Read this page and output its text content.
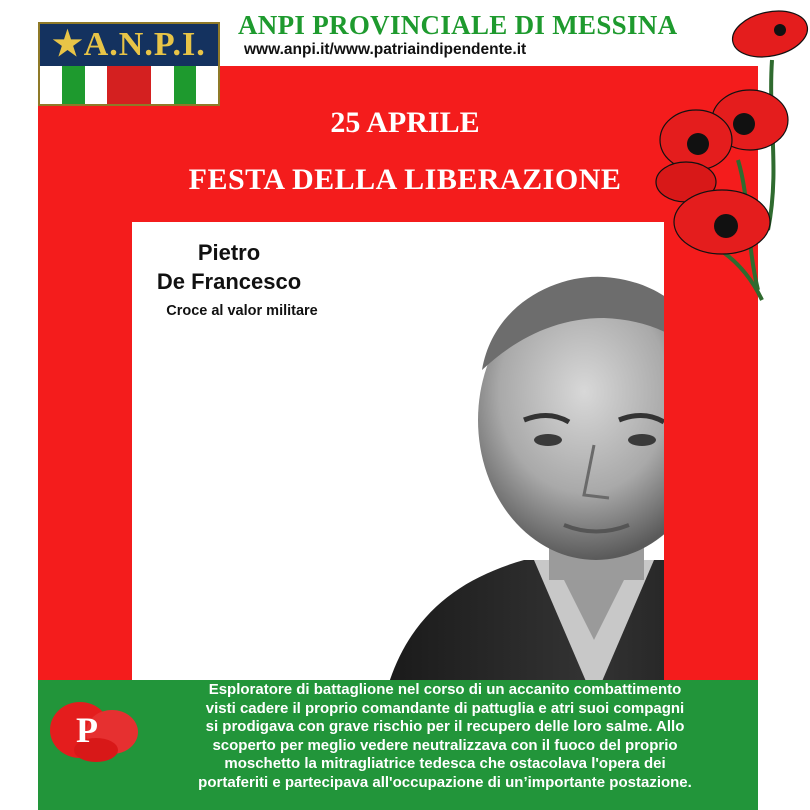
★A.N.P.I.
ANPI PROVINCIALE DI MESSINA
www.anpi.it/www.patriaindipendente.it
25 APRILE
FESTA DELLA LIBERAZIONE
Pietro
De Francesco
Croce al valor militare
P
Esploratore di battaglione nel corso di un accanito combattimento
visti cadere il proprio comandante di pattuglia e atri suoi compagni
si prodigava con grave rischio per il recupero delle loro salme. Allo
scoperto per meglio vedere neutralizzava con il fuoco del proprio
moschetto la mitragliatrice tedesca che ostacolava l'opera dei
portaferiti e partecipava all'occupazione di un’importante postazione.
